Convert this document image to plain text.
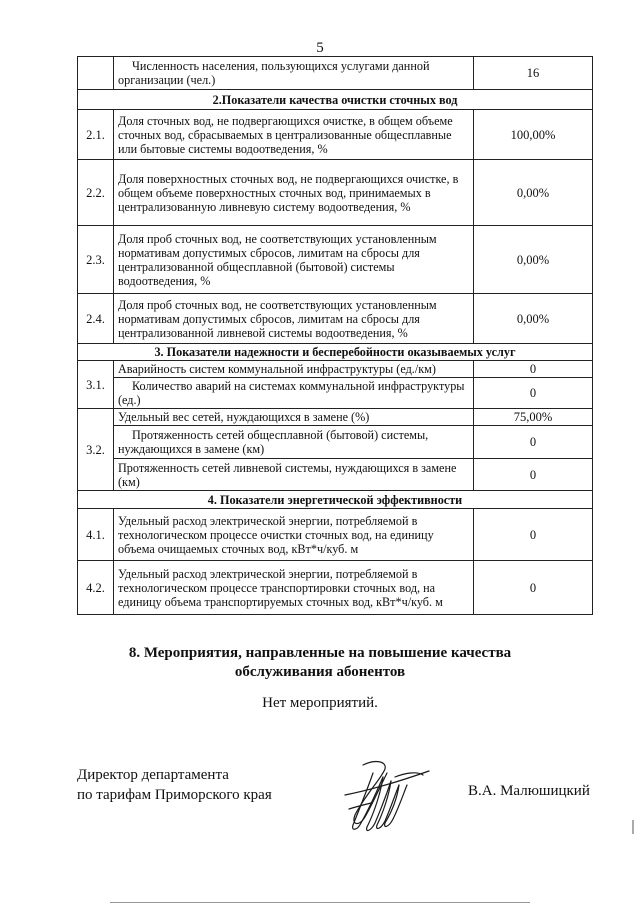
5
	Численность населения, пользующихся услугами данной организации (чел.)	16
2.Показатели качества очистки сточных вод		
2.1.	Доля сточных вод, не подвергающихся очистке, в общем объеме сточных вод, сбрасываемых в централизованные общесплавные или бытовые системы водоотведения, %	100,00%
2.2.	Доля поверхностных сточных вод, не подвергающихся очистке, в общем объеме поверхностных сточных вод, принимаемых в централизованную ливневую систему водоотведения, %	0,00%
2.3.	Доля проб сточных вод, не соответствующих установленным нормативам допустимых сбросов, лимитам на сбросы для централизованной общесплавной (бытовой) системы водоотведения, %	0,00%
2.4.	Доля проб сточных вод, не соответствующих установленным нормативам допустимых сбросов, лимитам на сбросы для централизованной ливневой системы водоотведения, %	0,00%
3. Показатели надежности и бесперебойности оказываемых услуг		
3.1.	Аварийность систем коммунальной инфраструктуры (ед./км)	0
	Количество аварий на системах коммунальной инфраструктуры (ед.)	0
3.2.	Удельный вес сетей, нуждающихся в замене (%)	75,00%
	Протяженность сетей общесплавной (бытовой) системы, нуждающихся в замене (км)	0
	Протяженность сетей ливневой системы, нуждающихся в замене (км)	0
4. Показатели энергетической эффективности		
4.1.	Удельный расход электрической энергии, потребляемой в технологическом процессе очистки сточных вод, на единицу объема очищаемых сточных вод, кВт*ч/куб. м	0
4.2.	Удельный расход электрической энергии, потребляемой в технологическом процессе транспортировки сточных вод, на единицу объема транспортируемых сточных вод, кВт*ч/куб. м	0
8. Мероприятия, направленные на повышение качества
обслуживания абонентов
Нет мероприятий.
Директор департамента
по тарифам Приморского края	В.А. Малюшицкий
